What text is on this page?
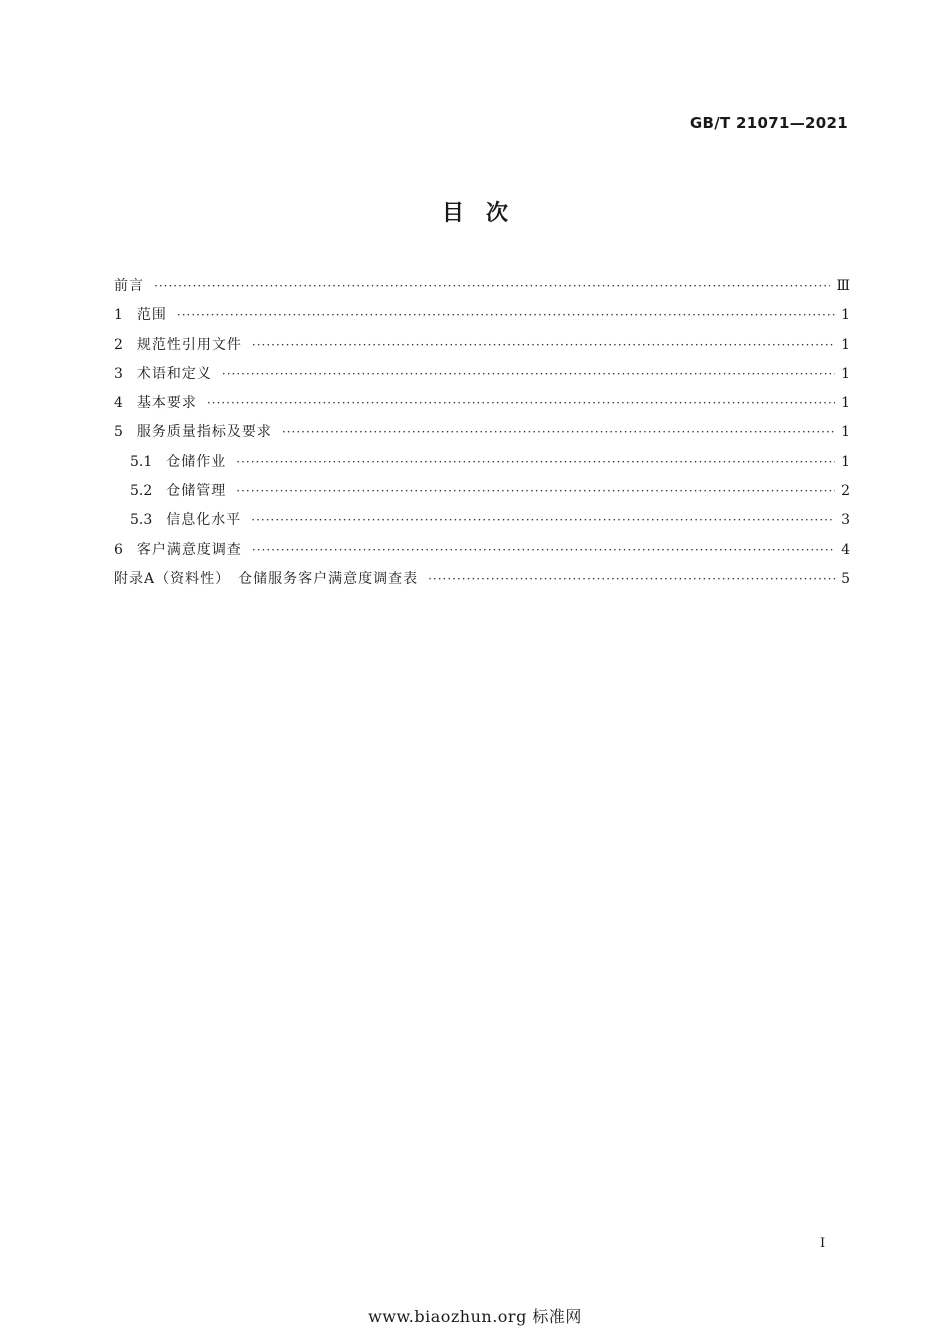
GB/T 21071—2021
目　次
前言 ·····	Ⅲ
1 范围 ·····	1
2 规范性引用文件 ·····	1
3 术语和定义 ·····	1
4 基本要求 ·····	1
5 服务质量指标及要求 ·····	1
5.1 仓储作业 ·····	1
5.2 仓储管理 ·····	2
5.3 信息化水平 ·····	3
6 客户满意度调查 ·····	4
附录A（资料性）　仓储服务客户满意度调查表 ·····	5
Ⅰ
www.biaozhun.org 标准网
